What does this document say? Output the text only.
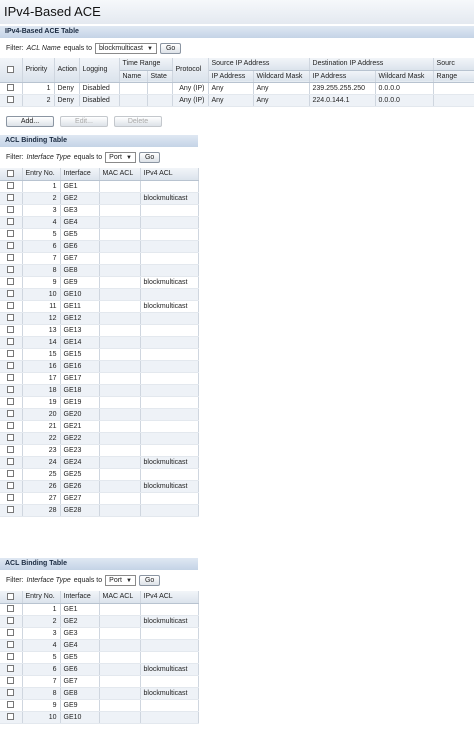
IPv4-Based ACE
IPv4-Based ACE Table
Filter: ACL Name equals to	blockmulticast ▼	Go
	Priority	Action	Logging	Time Range		Protocol	Source IP Address		Destination IP Address		Sourc
				Name	State		IP Address	Wildcard Mask	IP Address	Wildcard Mask	Range
	1	Deny	Disabled			Any (IP)	Any	Any	239.255.255.250	0.0.0.0	
	2	Deny	Disabled			Any (IP)	Any	Any	224.0.144.1	0.0.0.0	
Add...	Edit...	Delete
ACL Binding Table
Filter: Interface Type equals to	Port ▼	Go
	Entry No.	Interface	MAC ACL	IPv4 ACL
	1	GE1		
	2	GE2		blockmulticast
	3	GE3		
	4	GE4		
	5	GE5		
	6	GE6		
	7	GE7		
	8	GE8		
	9	GE9		blockmulticast
	10	GE10		
	11	GE11		blockmulticast
	12	GE12		
	13	GE13		
	14	GE14		
	15	GE15		
	16	GE16		
	17	GE17		
	18	GE18		
	19	GE19		
	20	GE20		
	21	GE21		
	22	GE22		
	23	GE23		
	24	GE24		blockmulticast
	25	GE25		
	26	GE26		blockmulticast
	27	GE27		
	28	GE28		
ACL Binding Table
Filter: Interface Type equals to	Port ▼	Go
	Entry No.	Interface	MAC ACL	IPv4 ACL
	1	GE1		
	2	GE2		blockmulticast
	3	GE3		
	4	GE4		
	5	GE5		
	6	GE6		blockmulticast
	7	GE7		
	8	GE8		blockmulticast
	9	GE9		
	10	GE10		
